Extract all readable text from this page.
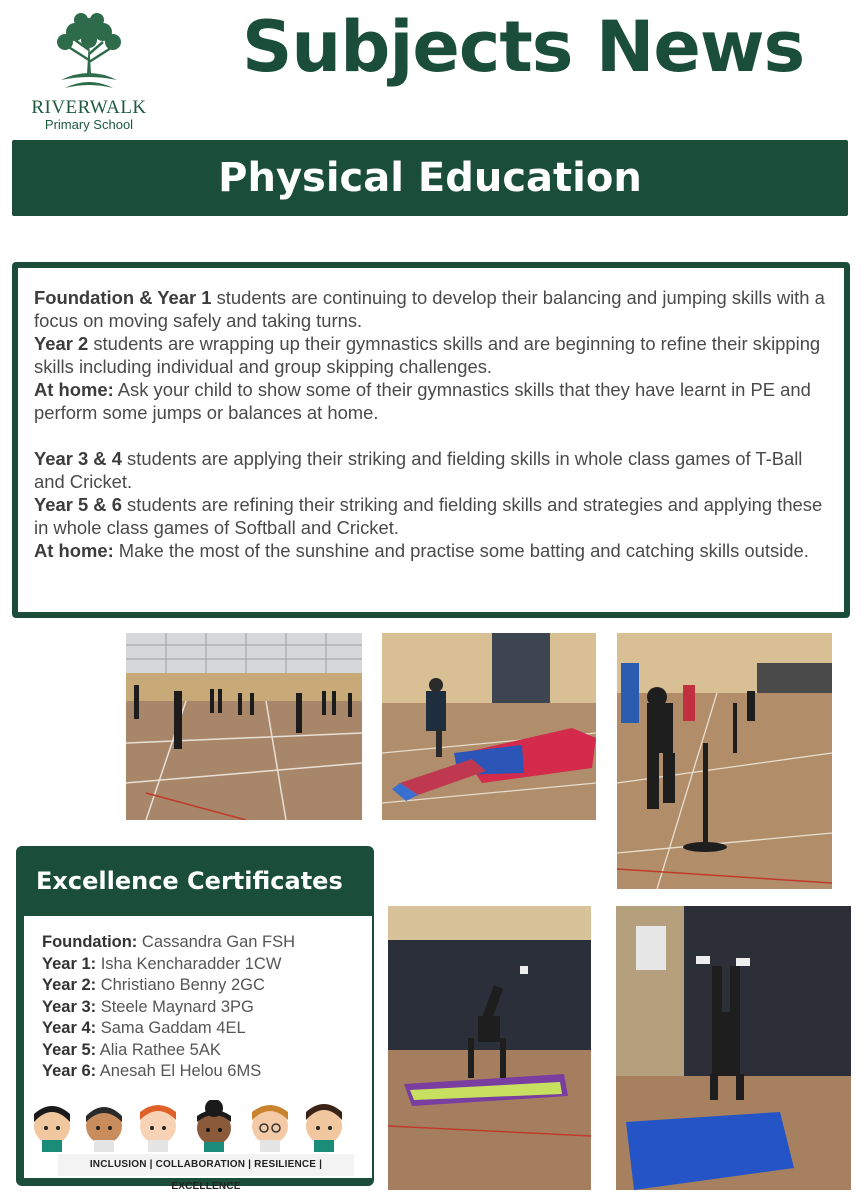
RIVERWALK
Primary School
Subjects News
Physical Education

Foundation & Year 1 students are continuing to develop their balancing and jumping skills with a focus on moving safely and taking turns.

Year 2 students are wrapping up their gymnastics skills and are beginning to refine their skipping skills including individual and group skipping challenges.

At home: Ask your child to show some of their gymnastics skills that they have learnt in PE and perform some jumps or balances at home.

Year 3 & 4 students are applying their striking and fielding skills in whole class games of T-Ball and Cricket.

Year 5 & 6 students are refining their striking and fielding skills and strategies and applying these in whole class games of Softball and Cricket.

At home: Make the most of the sunshine and practise some batting and catching skills outside.

Excellence Certificates
Foundation: Cassandra Gan FSH
Year 1: Isha Kencharadder 1CW
Year 2: Christiano Benny 2GC
Year 3: Steele Maynard 3PG
Year 4: Sama Gaddam 4EL
Year 5: Alia Rathee 5AK
Year 6: Anesah El Helou 6MS
INCLUSION | COLLABORATION | RESILIENCE | EXCELLENCE
